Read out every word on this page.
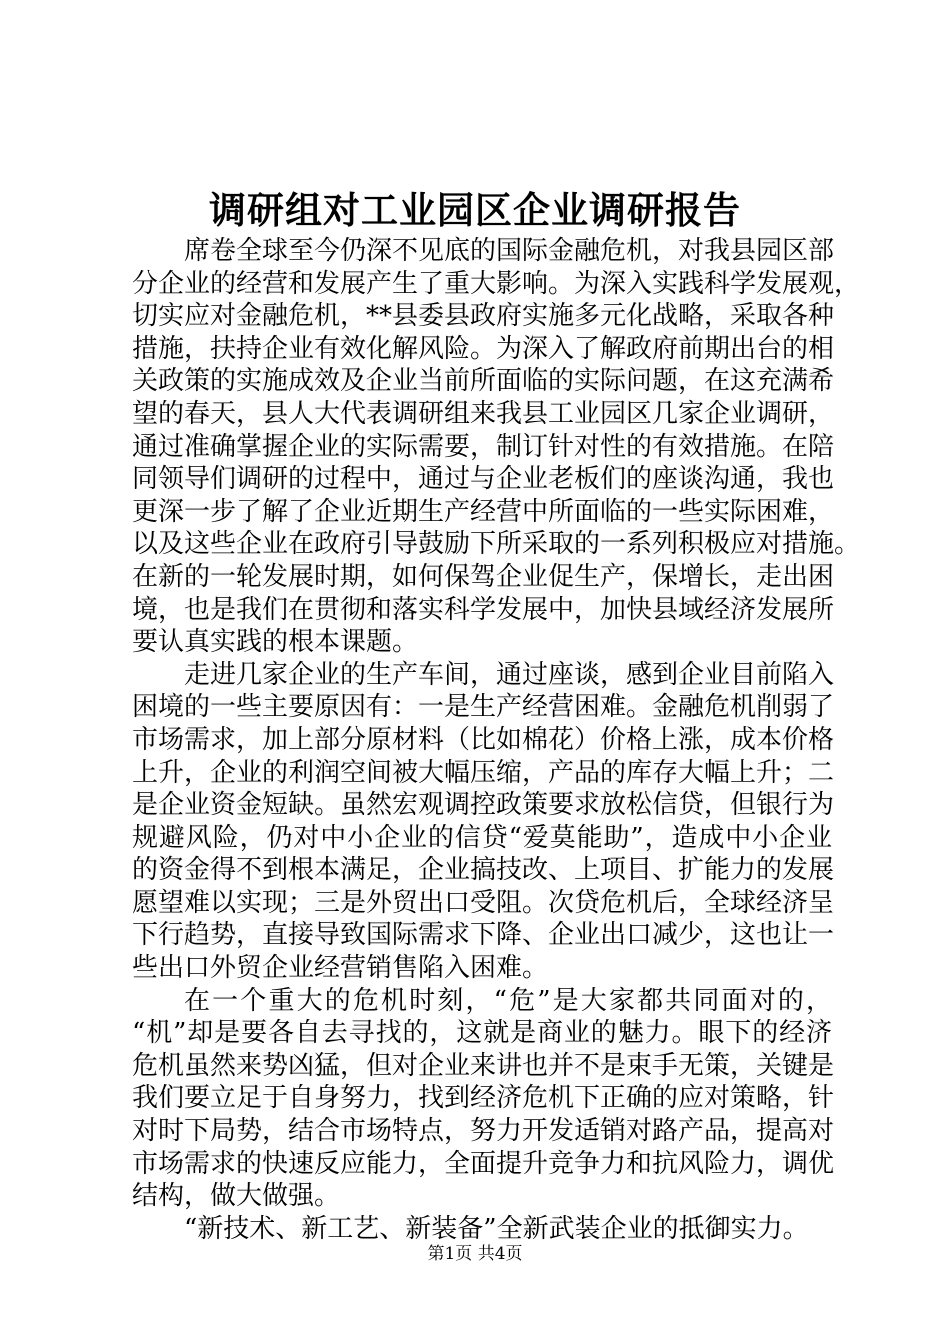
调研组对工业园区企业调研报告
席卷全球至今仍深不见底的国际金融危机，对我县园区部
分企业的经营和发展产生了重大影响。为深入实践科学发展观，
切实应对金融危机，**县委县政府实施多元化战略，采取各种
措施，扶持企业有效化解风险。为深入了解政府前期出台的相
关政策的实施成效及企业当前所面临的实际问题，在这充满希
望的春天，县人大代表调研组来我县工业园区几家企业调研，
通过准确掌握企业的实际需要，制订针对性的有效措施。在陪
同领导们调研的过程中，通过与企业老板们的座谈沟通，我也
更深一步了解了企业近期生产经营中所面临的一些实际困难，
以及这些企业在政府引导鼓励下所采取的一系列积极应对措施。
在新的一轮发展时期，如何保驾企业促生产，保增长，走出困
境，也是我们在贯彻和落实科学发展中，加快县域经济发展所
要认真实践的根本课题。
走进几家企业的生产车间，通过座谈，感到企业目前陷入
困境的一些主要原因有：一是生产经营困难。金融危机削弱了
市场需求，加上部分原材料（比如棉花）价格上涨，成本价格
上升，企业的利润空间被大幅压缩，产品的库存大幅上升；二
是企业资金短缺。虽然宏观调控政策要求放松信贷，但银行为
规避风险，仍对中小企业的信贷“爱莫能助”，造成中小企业
的资金得不到根本满足，企业搞技改、上项目、扩能力的发展
愿望难以实现；三是外贸出口受阻。次贷危机后，全球经济呈
下行趋势，直接导致国际需求下降、企业出口减少，这也让一
些出口外贸企业经营销售陷入困难。
在一个重大的危机时刻，“危”是大家都共同面对的，
“机”却是要各自去寻找的，这就是商业的魅力。眼下的经济
危机虽然来势凶猛，但对企业来讲也并不是束手无策，关键是
我们要立足于自身努力，找到经济危机下正确的应对策略，针
对时下局势，结合市场特点，努力开发适销对路产品，提高对
市场需求的快速反应能力，全面提升竞争力和抗风险力，调优
结构，做大做强。
“新技术、新工艺、新装备”全新武装企业的抵御实力。
第1页 共4页
